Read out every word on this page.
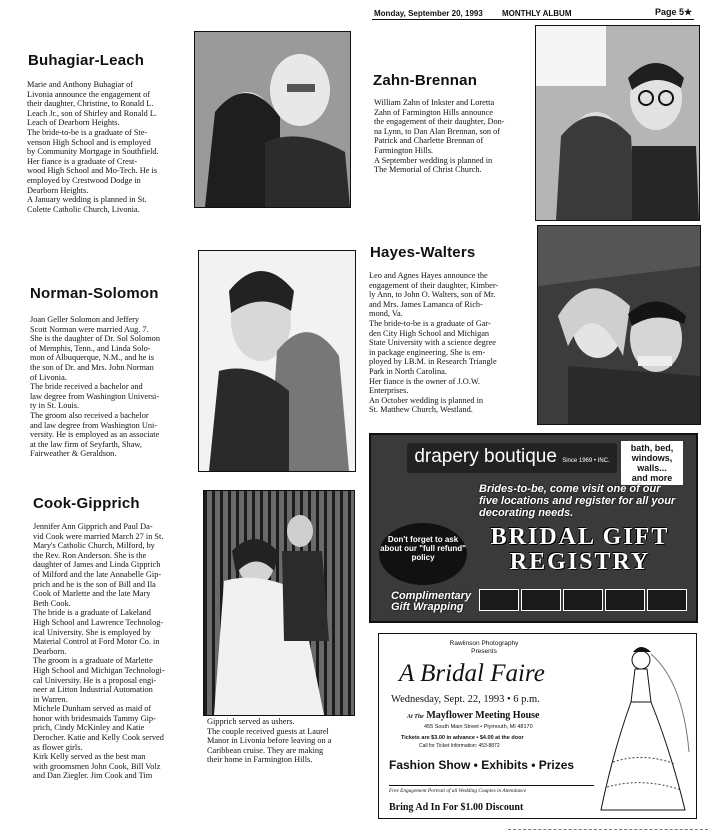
Monday, September 20, 1993 MONTHLY ALBUM	Page 5★
Buhagiar-Leach
Marie and Anthony Buhagiar of
Livonia announce the engagement of
their daughter, Christine, to Ronald L.
Leach Jr., son of Shirley and Ronald L.
Leach of Dearborn Heights.
The bride-to-be is a graduate of Ste-
venson High School and is employed
by Community Mortgage in Southfield.
Her fiance is a graduate of Crest-
wood High School and Mo-Tech. He is
employed by Crestwood Dodge in
Dearborn Heights.
A January wedding is planned in St.
Colette Catholic Church, Livonia.
Norman-Solomon
Joan Geller Solomon and Jeffery
Scott Norman were married Aug. 7.
She is the daughter of Dr. Sol Solomon
of Memphis, Tenn., and Linda Solo-
mon of Albuquerque, N.M., and he is
the son of Dr. and Mrs. John Norman
of Livonia.
The bride received a bachelor and
law degree from Washington Universi-
ty in St. Louis.
The groom also received a bachelor
and law degree from Washington Uni-
versity. He is employed as an associate
at the law firm of Seyfarth, Shaw,
Fairweather & Geraldson.
Cook-Gipprich
Jennifer Ann Gipprich and Paul Da-
vid Cook were married March 27 in St.
Mary's Catholic Church, Milford, by
the Rev. Ron Anderson. She is the
daughter of James and Linda Gipprich
of Milford and the late Annabelle Gip-
prich and he is the son of Bill and Ila
Cook of Marlette and the late Mary
Beth Cook.
The bride is a graduate of Lakeland
High School and Lawrence Technolog-
ical University. She is employed by
Material Control at Ford Motor Co. in
Dearborn.
The groom is a graduate of Marlette
High School and Michigan Technologi-
cal University. He is a proposal engi-
neer at Litton Industrial Automation
in Warren.
Michele Dunham served as maid of
honor with bridesmaids Tammy Gip-
prich, Cindy McKinley and Katie
Derocher. Katie and Kelly Cook served
as flower girls.
Kirk Kelly served as the best man
with groomsmen John Cook, Bill Volz
and Dan Ziegler. Jim Cook and Tim
Gipprich served as ushers.
The couple received guests at Laurel
Manor in Livonia before leaving on a
Caribbean cruise. They are making
their home in Farmington Hills.
Zahn-Brennan
William Zahn of Inkster and Loretta
Zahn of Farmington Hills announce
the engagement of their daughter, Don-
na Lynn, to Dan Alan Brennan, son of
Patrick and Charlette Brennan of
Farmington Hills.
A September wedding is planned in
The Memorial of Christ Church.
Hayes-Walters
Leo and Agnes Hayes announce the
engagement of their daughter, Kimber-
ly Ann, to John O. Walters, son of Mr.
and Mrs. James Lamanca of Rich-
mond, Va.
The bride-to-be is a graduate of Gar-
den City High School and Michigan
State University with a science degree
in package engineering. She is em-
ployed by I.B.M. in Research Triangle
Park in North Carolina.
Her fiance is the owner of J.O.W.
Enterprises.
An October wedding is planned in
St. Matthew Church, Westland.
drapery boutique Since 1969 • INC.
bath, bed,
windows,
walls...
and more
Brides-to-be, come visit one of our five locations and register for all your decorating needs.
Don't forget to ask about our "full refund" policy
BRIDAL GIFT REGISTRY
Complimentary Gift Wrapping
Rawlinson Photography
Presents
A Bridal Faire
Wednesday, Sept. 22, 1993 • 6 p.m.
At The Mayflower Meeting House
455 South Main Street • Plymouth, MI 48170
Tickets are $3.00 in advance • $4.00 at the door
Call for Ticket Information: 453-8872
Fashion Show • Exhibits • Prizes
Free Engagement Portrait of all Wedding Couples in Attendance
Bring Ad In For $1.00 Discount
